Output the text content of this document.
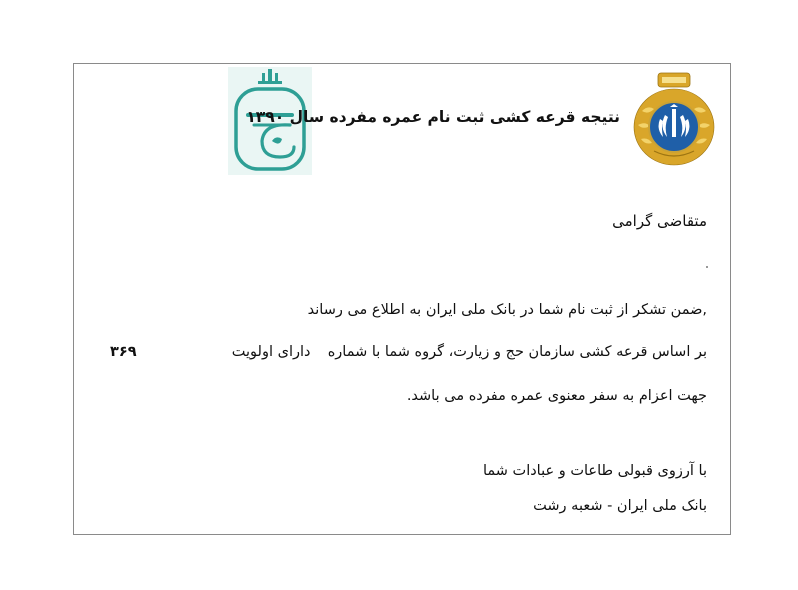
نتیجه قرعه کشی ثبت نام عمره مفرده سال ۱۳۹۰
متقاضی گرامی
,ضمن تشکر از ثبت نام شما در بانک ملی ایران به اطلاع می رساند
بر اساس قرعه کشی سازمان حج و زیارت، گروه شما با شماره
دارای اولویت  ۳۶۹
جهت اعزام به سفر معنوی عمره مفرده می باشد.
با آرزوی قبولی طاعات و عبادات شما
بانک ملی ایران - شعبه رشت
